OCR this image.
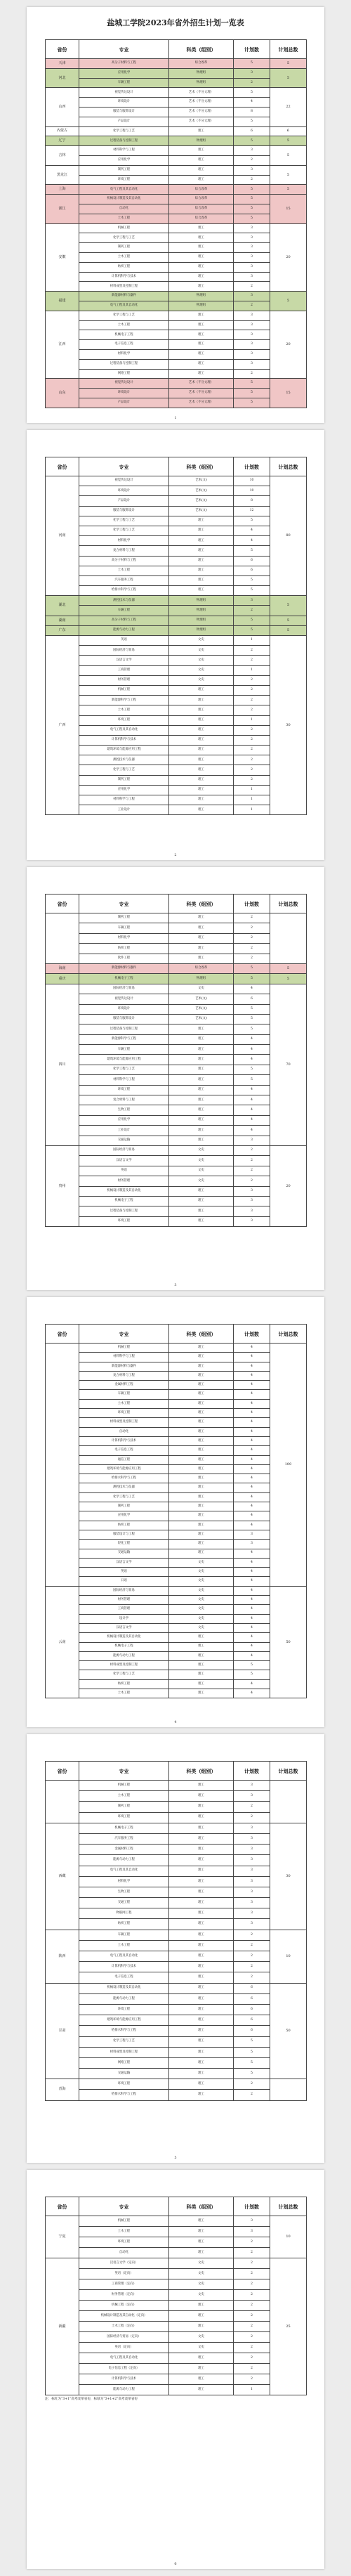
盐城工学院2023年省外招生计划一览表
省份	专业	科类（组别）	计划数	计划总数
天津	高分子材料与工程	综合改革	5	5
河北	应用化学	物理组	3	5
	车辆工程	物理组	2	
山西	视觉传达设计	艺术（不分文理）	5	22
	环境设计	艺术（不分文理）	4	
	服装与服饰设计	艺术（不分文理）	8	
	产品设计	艺术（不分文理）	5	
内蒙古	化学工程与工艺	理工	6	6
辽宁	过程装备与控制工程	物理组	5	5
吉林	材料科学与工程	理工	3	5
	应用化学	理工	2	
黑龙江	制药工程	理工	3	5
	环境工程	理工	2	
上海	电气工程及其自动化	综合改革	5	5
浙江	机械设计制造及其自动化	综合改革	5	15
	自动化	综合改革	5	
	土木工程	综合改革	5	
安徽	机械工程	理工	3	20
	化学工程与工艺	理工	3	
	制药工程	理工	3	
	土木工程	理工	3	
	纺织工程	理工	3	
	计算机科学与技术	理工	3	
	材料成型及控制工程	理工	2	
福建	新能源材料与器件	物理组	3	5
	电气工程及其自动化	物理组	2	
江西	化学工程与工艺	理工	3	20
	土木工程	理工	3	
	机械电子工程	理工	3	
	电子信息工程	理工	3	
	材料化学	理工	3	
	过程装备与控制工程	理工	3	
	网络工程	理工	2	
山东	视觉传达设计	艺术（不分文理）	5	15
	环境设计	艺术（不分文理）	5	
	产品设计	艺术（不分文理）	5	
1
省份	专业	科类（组别）	计划数	计划总数
河南	视觉传达设计	艺术(文)	10	80
	环境设计	艺术(文)	10	
	产品设计	艺术(文)	8	
	服装与服饰设计	艺术(文)	12	
	化学工程与工艺	理工	5	
	化学工程与工艺	理工	4	
	材料化学	理工	4	
	复合材料与工程	理工	5	
	高分子材料与工程	理工	6	
	土木工程	理工	6	
	汽车服务工程	理工	5	
	给排水科学与工程	理工	5	
湖北	测控技术与仪器	物理组	3	5
	车辆工程	物理组	2	
湖南	高分子材料与工程	物理组	5	5
广东	能源与动力工程	物理组	5	5
广西	英语	文史	1	30
	国际经济与贸易	文史	2	
	汉语言文学	文史	2	
	工商管理	文史	1	
	财务管理	文史	2	
	机械工程	理工	2	
	新能源科学与工程	理工	2	
	土木工程	理工	2	
	环境工程	理工	1	
	电气工程及其自动化	理工	2	
	计算机科学与技术	理工	2	
	建筑环境与能源应用工程	理工	2	
	测控技术与仪器	理工	2	
	化学工程与工艺	理工	2	
	制药工程	理工	2	
	应用化学	理工	1	
	材料科学与工程	理工	1	
	工业设计	理工	1	
2
省份	专业	科类（组别）	计划数	计划总数
	制药工程	理工	2	
	车辆工程	理工	2	
	材料化学	理工	2	
	纺织工程	理工	2	
	软件工程	理工	2	
海南	新能源材料与器件	综合改革	5	5
重庆	机械电子工程	物理组	5	5
四川	国际经济与贸易	文史	4	70
	视觉传达设计	艺术(文)	6	
	环境设计	艺术(文)	5	
	服装与服饰设计	艺术(文)	5	
	过程装备与控制工程	理工	5	
	新能源科学与工程	理工	4	
	车辆工程	理工	4	
	建筑环境与能源应用工程	理工	4	
	化学工程与工艺	理工	5	
	材料科学与工程	理工	5	
	环境工程	理工	4	
	复合材料与工程	理工	4	
	生物工程	理工	4	
	应用化学	理工	4	
	工业设计	理工	4	
	交通运输	理工	3	
贵州	国际经济与贸易	文史	2	20
	汉语言文学	文史	2	
	英语	文史	2	
	财务管理	文史	2	
	机械设计制造及其自动化	理工	3	
	机械电子工程	理工	3	
	过程装备与控制工程	理工	3	
	环境工程	理工	3	
3
省份	专业	科类（组别）	计划数	计划总数
	机械工程	理工	4	100
	材料科学与工程	理工	4	
	新能源材料与器件	理工	4	
	复合材料与工程	理工	4	
	金属材料工程	理工	4	
	车辆工程	理工	4	
	土木工程	理工	4	
	环境工程	理工	4	
	材料成型及控制工程	理工	4	
	自动化	理工	4	
	计算机科学与技术	理工	4	
	电子信息工程	理工	4	
	通信工程	理工	4	
	建筑环境与能源应用工程	理工	4	
	给排水科学与工程	理工	4	
	测控技术与仪器	理工	4	
	化学工程与工艺	理工	4	
	制药工程	理工	4	
	应用化学	理工	4	
	纺织工程	理工	4	
	服装设计与工程	理工	3	
	轻化工程	理工	3	
	交通运输	理工	4	
	汉语言文学	文史	4	
	英语	文史	4	
	日语	文史	4	
云南	国际经济与贸易	文史	4	50
	财务管理	文史	4	
	工商管理	文史	4	
	设计学	文史	4	
	汉语言文学	文史	4	
	机械设计制造及其自动化	理工	4	
	机械电子工程	理工	4	
	能源与动力工程	理工	4	
	材料成型及控制工程	理工	5	
	化学工程与工艺	理工	5	
	纺织工程	理工	4	
	土木工程	理工	4	
4
省份	专业	科类（组别）	计划数	计划总数
	机械工程	理工	3	
	土木工程	理工	3	
	制药工程	理工	2	
	环境工程	理工	2	
西藏	机械电子工程	理工	3	30
	汽车服务工程	理工	3	
	金属材料工程	理工	3	
	能源与动力工程	理工	3	
	电气工程及其自动化	理工	3	
	材料化学	理工	3	
	生物工程	理工	3	
	交通工程	理工	3	
	物联网工程	理工	3	
	纺织工程	理工	3	
陕西	车辆工程	理工	2	10
	土木工程	理工	2	
	电气工程及其自动化	理工	2	
	计算机科学与技术	理工	2	
	电子信息工程	理工	2	
甘肃	机械设计制造及其自动化	理工	6	50
	能源与动力工程	理工	6	
	环境工程	理工	6	
	建筑环境与能源应用工程	理工	6	
	给排水科学与工程	理工	6	
	化学工程与工艺	理工	5	
	材料成型及控制工程	理工	5	
	网络工程	理工	5	
	交通运输	理工	5	
青海	环境工程	理工	2	
	给排水科学与工程	理工	2	
5
省份	专业	科类（组别）	计划数	计划总数
宁夏	机械工程	理工	3	10
	土木工程	理工	3	
	环境工程	理工	2	
	自动化	理工	2	
新疆	汉语言文学（定向）	文史	2	25
	英语（定向）	文史	2	
	工商管理（定向）	文史	2	
	财务管理（定向）	文史	2	
	机械工程（定向）	理工	2	
	机械设计制造及其自动化（定向）	理工	2	
	土木工程（定向）	理工	2	
	国际经济与贸易（定向）	文史	2	
	英语（定向）	文史	2	
	电气工程及其自动化	理工	2	
	电子信息工程（定向）	理工	2	
	计算机科学与技术	理工	2	
	能源与动力工程	理工	1	
注：标红为“3+1”高考改革省份，标绿为“3+1+2”高考改革省份
6
